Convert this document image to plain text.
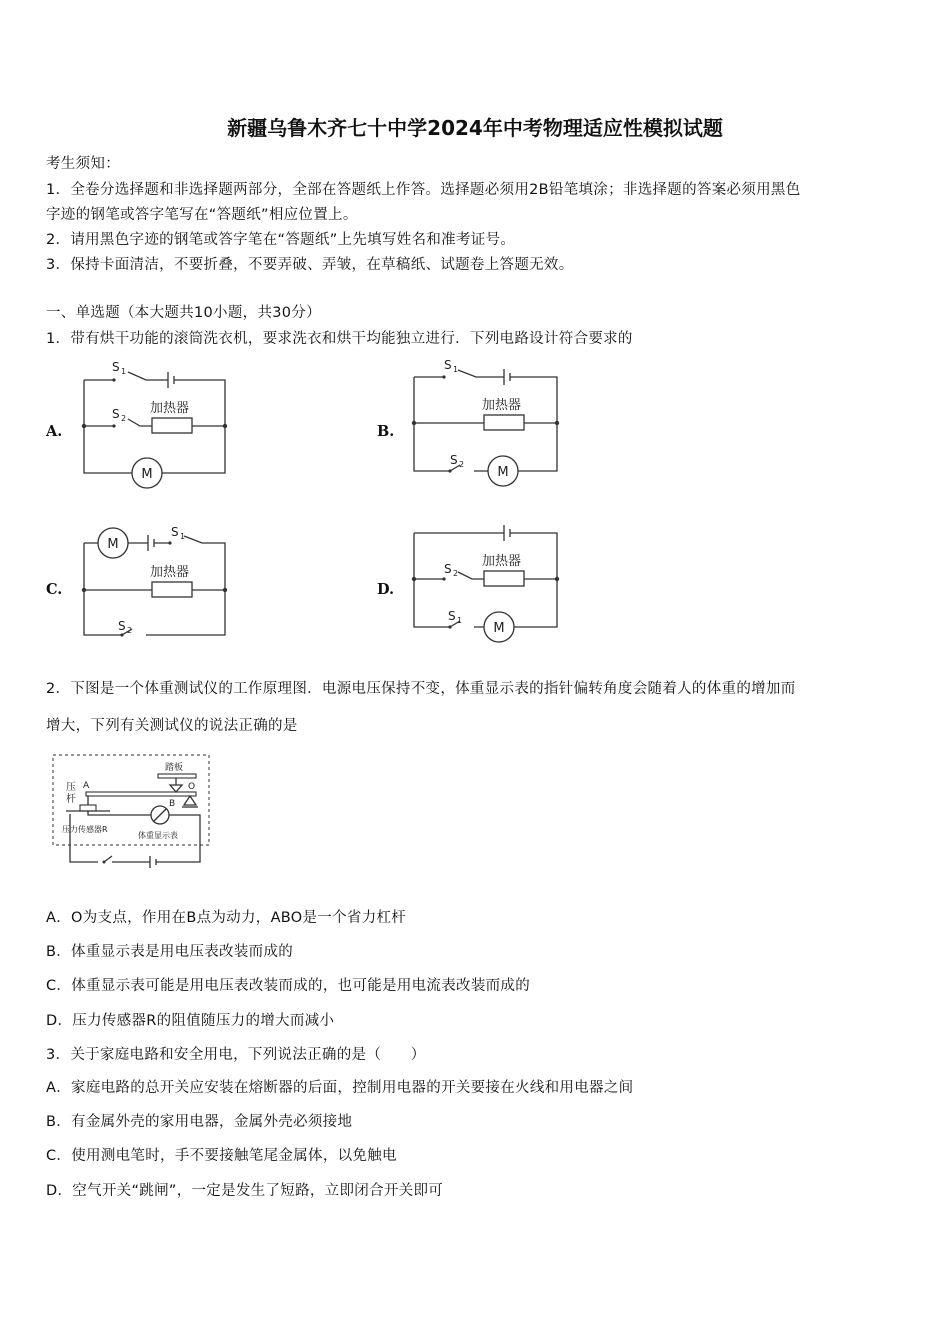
新疆乌鲁木齐七十中学2024年中考物理适应性模拟试题
考生须知：
1．全卷分选择题和非选择题两部分，全部在答题纸上作答。选择题必须用2B铅笔填涂；非选择题的答案必须用黑色
字迹的钢笔或答字笔写在“答题纸”相应位置上。
2．请用黑色字迹的钢笔或答字笔在“答题纸”上先填写姓名和准考证号。
3．保持卡面清洁，不要折叠，不要弄破、弄皱，在草稿纸、试题卷上答题无效。
一、单选题（本大题共10小题，共30分）
1．带有烘干功能的滚筒洗衣机，要求洗衣和烘干均能独立进行．下列电路设计符合要求的
A.	B.
C.	D.
M
S 1
S 2
加热器
M
S 1
S 2
加热器
M
S 1
S 2
加热器
M
S 2
S 1
加热器
2．下图是一个体重测试仪的工作原理图．电源电压保持不变，体重显示表的指针偏转角度会随着人的体重的增加而
增大，下列有关测试仪的说法正确的是
踏板
压
杆
A
B
O
压力传感器R
体重显示表
A．O为支点，作用在B点为动力，ABO是一个省力杠杆
B．体重显示表是用电压表改装而成的
C．体重显示表可能是用电压表改装而成的，也可能是用电流表改装而成的
D．压力传感器R的阻值随压力的增大而减小
3．关于家庭电路和安全用电，下列说法正确的是（　　）
A．家庭电路的总开关应安装在熔断器的后面，控制用电器的开关要接在火线和用电器之间
B．有金属外壳的家用电器，金属外壳必须接地
C．使用测电笔时，手不要接触笔尾金属体，以免触电
D．空气开关“跳闸”，一定是发生了短路，立即闭合开关即可
